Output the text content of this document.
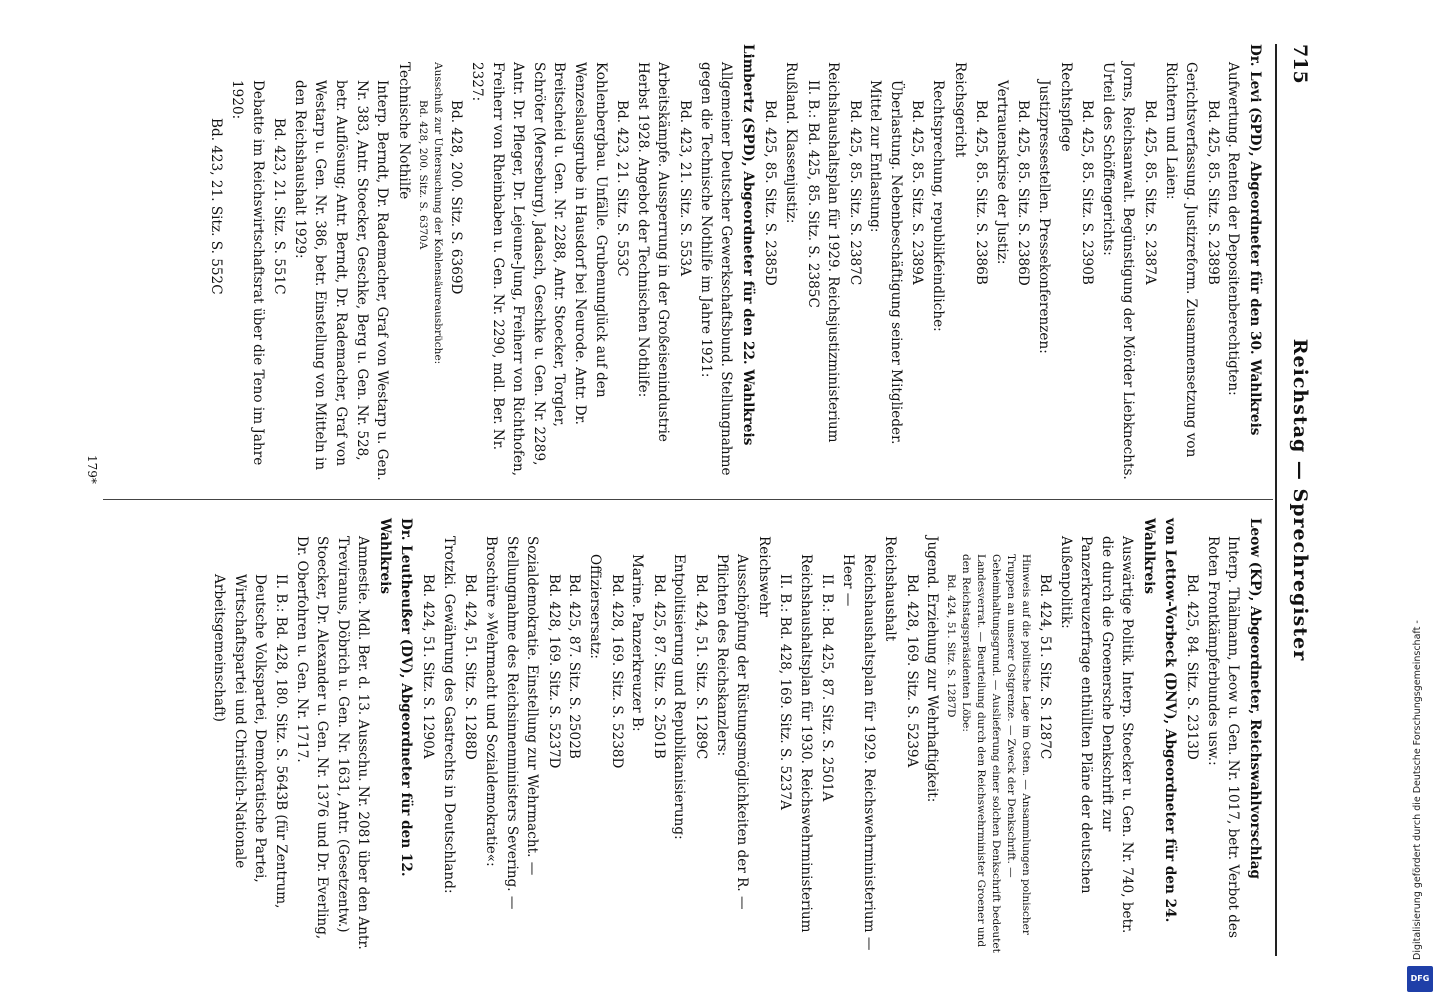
715
Reichstag — Sprechregister
Dr. Levi (SPD), Abgeordneter für den 30. Wahlkreis
Aufwertung. Renten der Depositenberechtigten:
Bd. 425, 85. Sitz. S. 2389B
Gerichtsverfassung. Justizreform. Zusammensetzung von Richtern und Laien:
Bd. 425, 85. Sitz. S. 2387A
Jorns, Reichsanwalt. Begünstigung der Mörder Liebknechts. Urteil des Schöffengerichts:
Bd. 425, 85. Sitz. S. 2390B
Rechtspflege
Justizpressestellen. Pressekonferenzen:
Bd. 425, 85. Sitz. S. 2386D
Vertrauenskrise der Justiz:
Bd. 425, 85. Sitz. S. 2386B
Reichsgericht
Rechtsprechung, republikfeindliche:
Bd. 425, 85. Sitz. S. 2389A
Überlastung. Nebenbeschäftigung seiner Mitglieder. Mittel zur Entlastung:
Bd. 425, 85. Sitz. S. 2387C
Reichshaushaltsplan für 1929. Reichsjustizministerium
II. B.: Bd. 425, 85. Sitz. S. 2385C
Rußland. Klassenjustiz:
Bd. 425, 85. Sitz. S. 2385D
Limbertz (SPD), Abgeordneter für den 22. Wahlkreis
Allgemeiner Deutscher Gewerkschaftsbund. Stellungnahme gegen die Technische Nothilfe im Jahre 1921:
Bd. 423, 21. Sitz. S. 553A
Arbeitskämpfe. Aussperrung in der Großeisenindustrie Herbst 1928. Angebot der Technischen Nothilfe:
Bd. 423, 21. Sitz. S. 553C
Kohlenbergbau. Unfälle. Grubenunglück auf den Wenzeslausgrube in Hausdorf bei Neurode. Antr. Dr. Breitscheid u. Gen. Nr. 2288, Antr. Stoecker, Torgler, Schröter (Merseburg), Jadasch, Geschke u. Gen. Nr. 2289, Antr. Dr. Pfleger, Dr. Lejeune-Jung, Freiherr von Richthofen, Freiherr von Rheinbaben u. Gen. Nr. 2290, mdl. Ber. Nr. 2327:
Bd. 428, 200. Sitz. S. 6369D
Ausschuß zur Untersuchung der Kohlensäureausbrüche:
Bd. 428, 200. Sitz. S. 6370A
Technische Nothilfe
Interp. Berndt, Dr. Rademacher, Graf von Westarp u. Gen. Nr. 383, Antr. Stoecker, Geschke, Berg u. Gen. Nr. 528, betr. Auflösung; Antr. Berndt, Dr. Rademacher, Graf von Westarp u. Gen. Nr. 386, betr. Einstellung von Mitteln in den Reichshaushalt 1929:
Bd. 423, 21. Sitz. S. 551C
Debatte im Reichswirtschaftsrat über die Teno im Jahre 1920:
Bd. 423, 21. Sitz. S. 552C
Leow (KP), Abgeordneter, Reichswahlvorschlag
Interp. Thälmann, Leow u. Gen. Nr. 1017, betr. Verbot des Roten Frontkämpferbundes usw.:
Bd. 425, 84. Sitz. S. 2313D
von Lettow-Vorbeck (DNV), Abgeordneter für den 24. Wahlkreis
Auswärtige Politik. Interp. Stoecker u. Gen. Nr. 740, betr. die durch die Groenersche Denkschrift zur Panzerkreuzerfrage enthüllten Pläne der deutschen Außenpolitik:
Bd. 424, 51. Sitz. S. 1287C
Hinweis auf die politische Lage im Osten. — Ansammlungen polnischer Truppen an unserer Ostgrenze. — Zweck der Denkschrift. — Geheimhaltungsgrund. — Auslieferung einer solchen Denkschrift bedeutet Landesverrat. — Beurteilung durch den Reichswehrminister Groener und den Reichstagspräsidenten Löbe:
Bd. 424, 51. Sitz. S. 1287D
Jugend. Erziehung zur Wehrhaftigkeit:
Bd. 428, 169. Sitz. S. 5239A
Reichshaushalt
Reichshaushaltsplan für 1929. Reichswehrministerium — Heer —
II. B.: Bd. 425, 87. Sitz. S. 2501A
Reichshaushaltsplan für 1930. Reichswehrministerium
II. B.: Bd. 428, 169. Sitz. S. 5237A
Reichswehr
Ausschöpfung der Rüstungsmöglichkeiten der R. — Pflichten des Reichskanzlers:
Bd. 424, 51. Sitz. S. 1289C
Entpolitisierung und Republikanisierung:
Bd. 425, 87. Sitz. S. 2501B
Marine. Panzerkreuzer B:
Bd. 428, 169. Sitz. S. 5238D
Offiziersersatz:
Bd. 425, 87. Sitz. S. 2502B
Bd. 428, 169. Sitz. S. 5237D
Sozialdemokratie. Einstellung zur Wehrmacht. — Stellungnahme des Reichsinnenministers Severing. — Broschüre »Wehrmacht und Sozialdemokratie«:
Bd. 424, 51. Sitz. S. 1288D
Trotzki. Gewährung des Gastrechts in Deutschland:
Bd. 424, 51. Sitz. S. 1290A
Dr. Leutheußer (DV), Abgeordneter für den 12. Wahlkreis
Amnestie. Mdl. Ber. d. 13. Ausschu. Nr. 2081 über den Antr. Treviranus, Döbrich u. Gen. Nr. 1631, Antr. (Gesetzentw.) Stoecker, Dr. Alexander u. Gen. Nr. 1376 und Dr. Everling, Dr. Oberfohren u. Gen. Nr. 1717.
II. B.: Bd. 428, 180. Sitz. S. 5643B (für Zentrum, Deutsche Volkspartei, Demokratische Partei, Wirtschaftspartei und Christlich-Nationale Arbeitsgemeinschaft)
179*
Digitalisierung gefördert durch die Deutsche Forschungsgemeinschaft -
DFG
